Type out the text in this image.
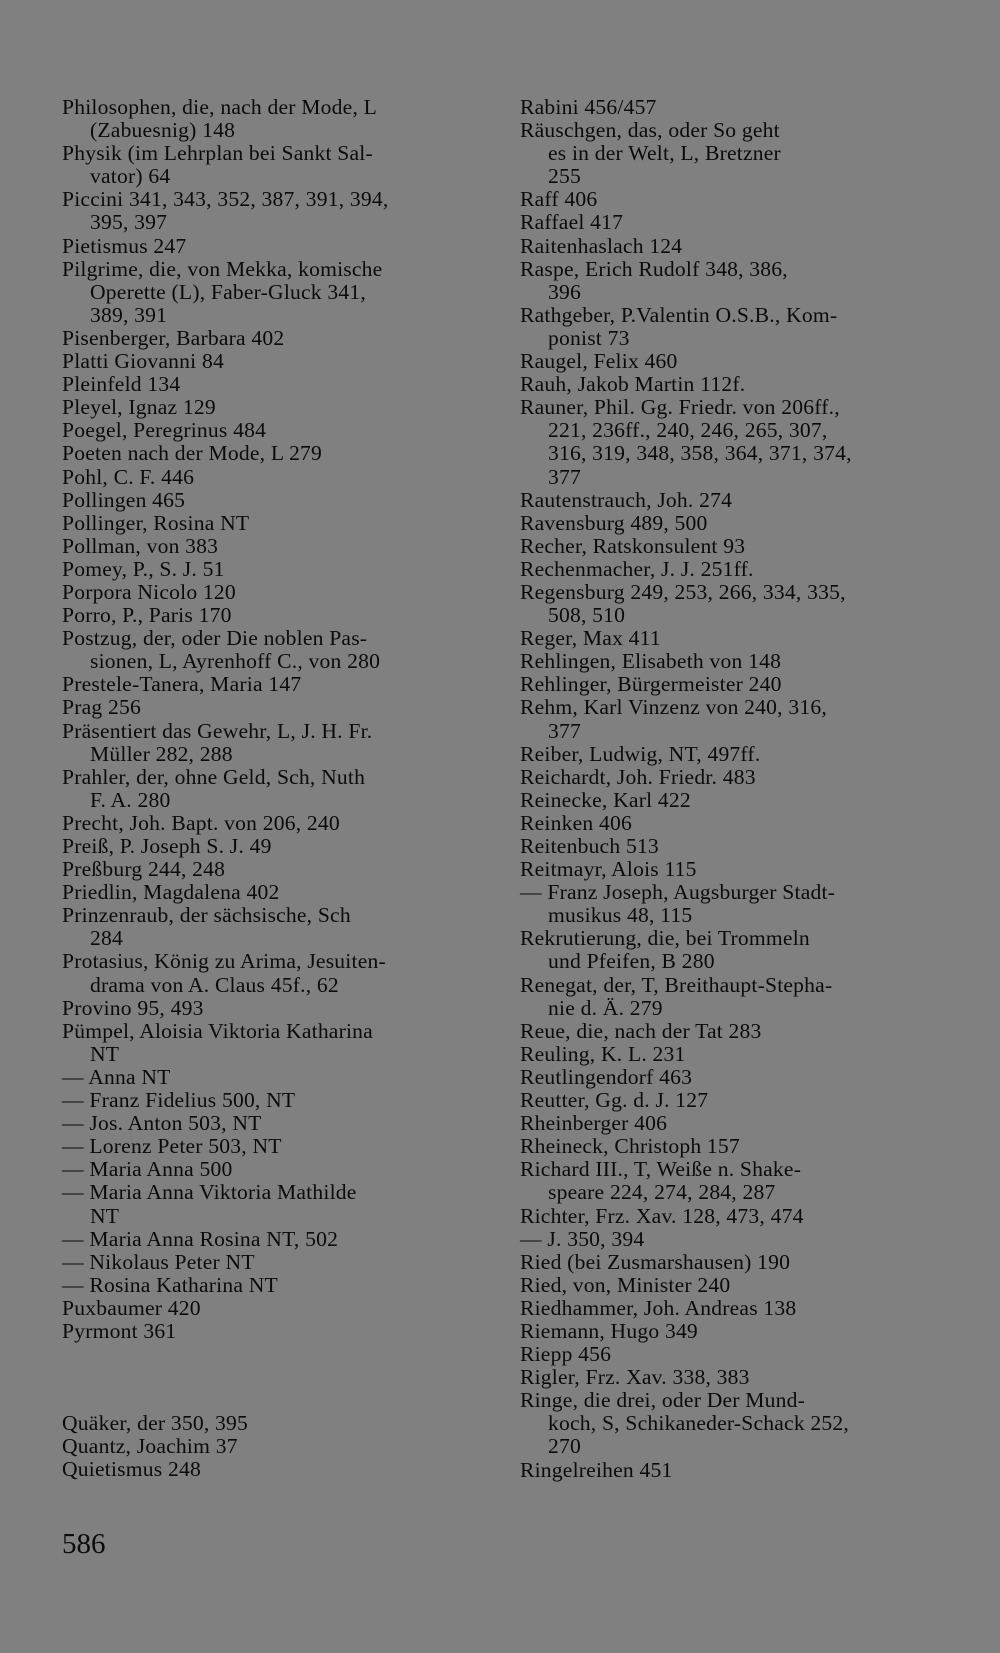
Philosophen, die, nach der Mode, L
(Zabuesnig) 148
Physik (im Lehrplan bei Sankt Sal-
vator) 64
Piccini 341, 343, 352, 387, 391, 394,
395, 397
Pietismus 247
Pilgrime, die, von Mekka, komische
Operette (L), Faber-Gluck 341,
389, 391
Pisenberger, Barbara 402
Platti Giovanni 84
Pleinfeld 134
Pleyel, Ignaz 129
Poegel, Peregrinus 484
Poeten nach der Mode, L 279
Pohl, C. F. 446
Pollingen 465
Pollinger, Rosina NT
Pollman, von 383
Pomey, P., S. J. 51
Porpora Nicolo 120
Porro, P., Paris 170
Postzug, der, oder Die noblen Pas-
sionen, L, Ayrenhoff C., von 280
Prestele-Tanera, Maria 147
Prag 256
Präsentiert das Gewehr, L, J. H. Fr.
Müller 282, 288
Prahler, der, ohne Geld, Sch, Nuth
F. A. 280
Precht, Joh. Bapt. von 206, 240
Preiß, P. Joseph S. J. 49
Preßburg 244, 248
Priedlin, Magdalena 402
Prinzenraub, der sächsische, Sch
284
Protasius, König zu Arima, Jesuiten-
drama von A. Claus 45f., 62
Provino 95, 493
Pümpel, Aloisia Viktoria Katharina
NT
— Anna NT
— Franz Fidelius 500, NT
— Jos. Anton 503, NT
— Lorenz Peter 503, NT
— Maria Anna 500
— Maria Anna Viktoria Mathilde
NT
— Maria Anna Rosina NT, 502
— Nikolaus Peter NT
— Rosina Katharina NT
Puxbaumer 420
Pyrmont 361
Quäker, der 350, 395
Quantz, Joachim 37
Quietismus 248
Rabini 456/457
Räuschgen, das, oder So geht
es in der Welt, L, Bretzner
255
Raff 406
Raffael 417
Raitenhaslach 124
Raspe, Erich Rudolf 348, 386,
396
Rathgeber, P.Valentin O.S.B., Kom-
ponist 73
Raugel, Felix 460
Rauh, Jakob Martin 112f.
Rauner, Phil. Gg. Friedr. von 206ff.,
221, 236ff., 240, 246, 265, 307,
316, 319, 348, 358, 364, 371, 374,
377
Rautenstrauch, Joh. 274
Ravensburg 489, 500
Recher, Ratskonsulent 93
Rechenmacher, J. J. 251ff.
Regensburg 249, 253, 266, 334, 335,
508, 510
Reger, Max 411
Rehlingen, Elisabeth von 148
Rehlinger, Bürgermeister 240
Rehm, Karl Vinzenz von 240, 316,
377
Reiber, Ludwig, NT, 497ff.
Reichardt, Joh. Friedr. 483
Reinecke, Karl 422
Reinken 406
Reitenbuch 513
Reitmayr, Alois 115
— Franz Joseph, Augsburger Stadt-
musikus 48, 115
Rekrutierung, die, bei Trommeln
und Pfeifen, B 280
Renegat, der, T, Breithaupt-Stepha-
nie d. Ä. 279
Reue, die, nach der Tat 283
Reuling, K. L. 231
Reutlingendorf 463
Reutter, Gg. d. J. 127
Rheinberger 406
Rheineck, Christoph 157
Richard III., T, Weiße n. Shake-
speare 224, 274, 284, 287
Richter, Frz. Xav. 128, 473, 474
— J. 350, 394
Ried (bei Zusmarshausen) 190
Ried, von, Minister 240
Riedhammer, Joh. Andreas 138
Riemann, Hugo 349
Riepp 456
Rigler, Frz. Xav. 338, 383
Ringe, die drei, oder Der Mund-
koch, S, Schikaneder-Schack 252,
270
Ringelreihen 451
586
